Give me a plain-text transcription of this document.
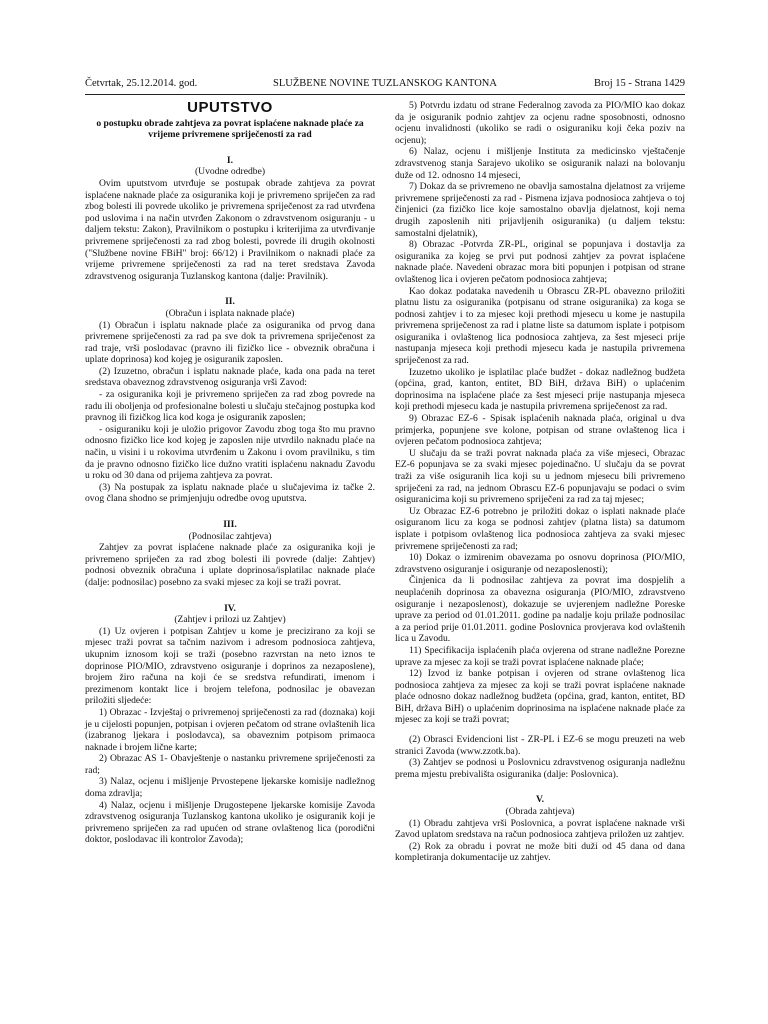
Četvrtak, 25.12.2014. god.	SLUŽBENE NOVINE TUZLANSKOG KANTONA	Broj 15 - Strana 1429
UPUTSTVO
o postupku obrade zahtjeva za povrat isplaćene naknade plaće za vrijeme privremene spriječenosti za rad
I.
(Uvodne odredbe)

Ovim uputstvom utvrđuje se postupak obrade zahtjeva za povrat isplaćene naknade plaće za osiguranika koji je privremeno spriječen za rad zbog bolesti ili povrede ukoliko je privremena spriječenost za rad utvrđena pod uslovima i na način utvrđen Zakonom o zdravstvenom osiguranju - u daljem tekstu: Zakon), Pravilnikom o postupku i kriterijima za utvrđivanje privremene spriječenosti za rad zbog bolesti, povrede ili drugih okolnosti ("Službene novine FBiH" broj: 66/12) i Pravilnikom o naknadi plaće za vrijeme privremene spriječenosti za rad na teret sredstava Zavoda zdravstvenog osiguranja Tuzlanskog kantona (dalje: Pravilnik).

II.
(Obračun i isplata naknade plaće)

(1) Obračun i isplatu naknade plaće za osiguranika od prvog dana privremene spriječenosti za rad pa sve dok ta privremena spriječenost za rad traje, vrši poslodavac (pravno ili fizičko lice - obveznik obračuna i uplate doprinosa) kod kojeg je osiguranik zaposlen.

(2) Izuzetno, obračun i isplatu naknade plaće, kada ona pada na teret sredstava obaveznog zdravstvenog osiguranja vrši Zavod:

- za osiguranika koji je privremeno spriječen za rad zbog povrede na radu ili oboljenja od profesionalne bolesti u slučaju stečajnog postupka kod pravnog ili fizičkog lica kod koga je osiguranik zaposlen;

- osiguraniku koji je uložio prigovor Zavodu zbog toga što mu pravno odnosno fizičko lice kod kojeg je zaposlen nije utvrdilo naknadu plaće na način, u visini i u rokovima utvrđenim u Zakonu i ovom pravilniku, s tim da je pravno odnosno fizičko lice dužno vratiti isplaćenu naknadu Zavodu u roku od 30 dana od prijema zahtjeva za povrat.

(3) Na postupak za isplatu naknade plaće u slučajevima iz tačke 2. ovog člana shodno se primjenjuju odredbe ovog uputstva.

III.
(Podnosilac zahtjeva)

Zahtjev za povrat isplaćene naknade plaće za osiguranika koji je privremeno spriječen za rad zbog bolesti ili povrede (dalje: Zahtjev) podnosi obveznik obračuna i uplate doprinosa/isplatilac naknade plaće (dalje: podnosilac) posebno za svaki mjesec za koji se traži povrat.

IV.
(Zahtjev i prilozi uz Zahtjev)

(1) Uz ovjeren i potpisan Zahtjev u kome je precizirano za koji se mjesec traži povrat sa tačnim nazivom i adresom podnosioca zahtjeva, ukupnim iznosom koji se traži (posebno razvrstan na neto iznos te doprinose PIO/MIO, zdravstveno osiguranje i doprinos za nezaposlene), brojem žiro računa na koji će se sredstva refundirati, imenom i prezimenom kontakt lice i brojem telefona, podnosilac je obavezan priložiti sljedeće:

1) Obrazac - Izvještaj o privremenoj spriječenosti za rad (doznaka) koji je u cijelosti popunjen, potpisan i ovjeren pečatom od strane ovlaštenih lica (izabranog ljekara i poslodavca), sa obaveznim potpisom primaoca naknade i brojem lične karte;

2) Obrazac AS 1- Obavještenje o nastanku privremene spriječenosti za rad;

3) Nalaz, ocjenu i mišljenje Prvostepene ljekarske komisije nadležnog doma zdravlja;

4) Nalaz, ocjenu i mišljenje Drugostepene ljekarske komisije Zavoda zdravstvenog osiguranja Tuzlanskog kantona ukoliko je osiguranik koji je privremeno spriječen za rad upućen od strane ovlaštenog lica (porodični doktor, poslodavac ili kontrolor Zavoda);

5) Potvrdu izdatu od strane Federalnog zavoda za PIO/MIO kao dokaz da je osiguranik podnio zahtjev za ocjenu radne sposobnosti, odnosno ocjenu invalidnosti (ukoliko se radi o osiguraniku koji čeka poziv na ocjenu);

6) Nalaz, ocjenu i mišljenje Instituta za medicinsko vještačenje zdravstvenog stanja Sarajevo ukoliko se osiguranik nalazi na bolovanju duže od 12. odnosno 14 mjeseci,

7) Dokaz da se privremeno ne obavlja samostalna djelatnost za vrijeme privremene spriječenosti za rad - Pismena izjava podnosioca zahtjeva o toj činjenici (za fizičko lice koje samostalno obavlja djelatnost, koji nema drugih zaposlenih niti prijavljenih osiguranika) (u daljem tekstu: samostalni djelatnik),

8) Obrazac -Potvrda ZR-PL, original se popunjava i dostavlja za osiguranika za kojeg se prvi put podnosi zahtjev za povrat isplaćene naknade plaće. Navedeni obrazac mora biti popunjen i potpisan od strane ovlaštenog lica i ovjeren pečatom podnosioca zahtjeva;

Kao dokaz podataka navedenih u Obrascu ZR-PL obavezno priložiti platnu listu za osiguranika (potpisanu od strane osiguranika) za koga se podnosi zahtjev i to za mjesec koji prethodi mjesecu u kome je nastupila privremena spriječenost za rad i platne liste sa datumom isplate i potpisom osiguranika i ovlaštenog lica podnosioca zahtjeva, za šest mjeseci prije nastupanja mjeseca koji prethodi mjesecu kada je nastupila privremena spriječenost za rad.

Izuzetno ukoliko je isplatilac plaće budžet - dokaz nadležnog budžeta (općina, grad, kanton, entitet, BD BiH, država BiH) o uplaćenim doprinosima na isplaćene plaće za šest mjeseci prije nastupanja mjeseca koji prethodi mjesecu kada je nastupila privremena spriječenost za rad.

9) Obrazac EZ-6 - Spisak isplaćenih naknada plaća, original u dva primjerka, popunjene sve kolone, potpisan od strane ovlaštenog lica i ovjeren pečatom podnosioca zahtjeva;

U slučaju da se traži povrat naknada plaća za više mjeseci, Obrazac EZ-6 popunjava se za svaki mjesec pojedinačno. U slučaju da se povrat traži za više osiguranih lica koji su u jednom mjesecu bili privremeno spriječeni za rad, na jednom Obrascu EZ-6 popunjavaju se podaci o svim osiguranicima koji su privremeno spriječeni za rad za taj mjesec;

Uz Obrazac EZ-6 potrebno je priložiti dokaz o isplati naknade plaće osiguranom licu za koga se podnosi zahtjev (platna lista) sa datumom isplate i potpisom ovlaštenog lica podnosioca zahtjeva za svaki mjesec privremene spriječenosti za rad;

10) Dokaz o izmirenim obavezama po osnovu doprinosa (PIO/MIO, zdravstveno osiguranje i osiguranje od nezaposlenosti);

Činjenica da li podnosilac zahtjeva za povrat ima dospjelih a neuplaćenih doprinosa za obavezna osiguranja (PIO/MIO, zdravstveno osiguranje i nezaposlenost), dokazuje se uvjerenjem nadležne Poreske uprave za period od 01.01.2011. godine pa nadalje koju prilaže podnosilac a za period prije 01.01.2011. godine Poslovnica provjerava kod ovlaštenih lica u Zavodu.

11) Specifikacija isplaćenih plaća ovjerena od strane nadležne Porezne uprave za mjesec za koji se traži povrat isplaćene naknade plaće;

12) Izvod iz banke potpisan i ovjeren od strane ovlaštenog lica podnosioca zahtjeva za mjesec za koji se traži povrat isplaćene naknade plaće odnosno dokaz nadležnog budžeta (općina, grad, kanton, entitet, BD BiH, država BiH) o uplaćenim doprinosima na isplaćene naknade plaće za mjesec za koji se traži povrat;

(2) Obrasci Evidencioni list - ZR-PL i EZ-6 se mogu preuzeti na web stranici Zavoda (www.zzotk.ba).

(3) Zahtjev se podnosi u Poslovnicu zdravstvenog osiguranja nadležnu prema mjestu prebivališta osiguranika (dalje: Poslovnica).

V.
(Obrada zahtjeva)

(1) Obradu zahtjeva vrši Poslovnica, a povrat isplaćene naknade vrši Zavod uplatom sredstava na račun podnosioca zahtjeva priložen uz zahtjev.

(2) Rok za obradu i povrat ne može biti duži od 45 dana od dana kompletiranja dokumentacije uz zahtjev.
